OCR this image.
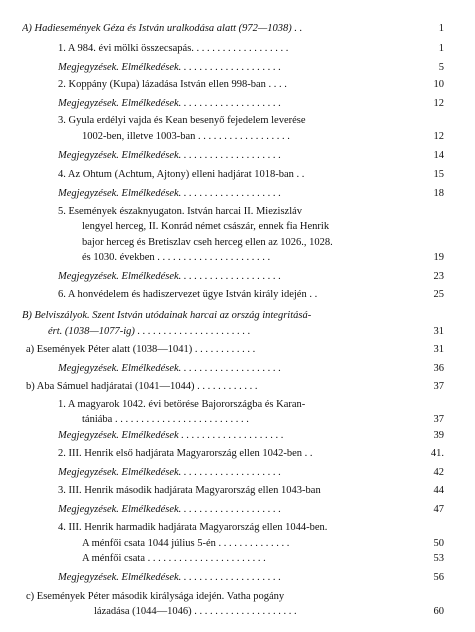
A) Hadiesemények Géza és István uralkodása alatt (972—1038) . .	1
1. A 984. évi mölki összecsapás. . . . . . . . . . . . . . . . . . .	1
Megjegyzések. Elmélkedések. . . . . . . . . . . . . . . . . . . .	5
2. Koppány (Kupa) lázadása István ellen 998-ban . . . .	10
Megjegyzések. Elmélkedések. . . . . . . . . . . . . . . . . . . .	12
3. Gyula erdélyi vajda és Kean besenyő fejedelem leverése
1002-ben, illetve 1003-ban . . . . . . . . . . . . . . . . . .	12
Megjegyzések. Elmélkedések. . . . . . . . . . . . . . . . . . . .	14
4. Az Ohtum (Achtum, Ajtony) elleni hadjárat 1018-ban . .	15
Megjegyzések. Elmélkedések. . . . . . . . . . . . . . . . . . . .	18
5. Események északnyugaton. István harcai II. Mieziszláv
lengyel herceg, II. Konrád német császár, ennek fia Henrik
bajor herceg és Bretiszlav cseh herceg ellen az 1026., 1028.
és 1030. években . . . . . . . . . . . . . . . . . . . . . .	19
Megjegyzések. Elmélkedések. . . . . . . . . . . . . . . . . . . .	23
6. A honvédelem és hadiszervezet ügye István király idején . .	25
B) Belviszályok. Szent István utódainak harcai az ország integritásá-
ért. (1038—1077-ig) . . . . . . . . . . . . . . . . . . . . . .	31
a) Események Péter alatt (1038—1041) . . . . . . . . . . . .	31
Megjegyzések. Elmélkedések. . . . . . . . . . . . . . . . . . . .	36
b) Aba Sámuel hadjáratai (1041—1044) . . . . . . . . . . . .	37
1. A magyarok 1042. évi betörése Bajorországba és Karan-
tániába . . . . . . . . . . . . . . . . . . . . . . . . . .	37
Megjegyzések. Elmélkedések . . . . . . . . . . . . . . . . . . . .	39
2. III. Henrik első hadjárata Magyarország ellen 1042-ben . .	41.
Megjegyzések. Elmélkedések. . . . . . . . . . . . . . . . . . . .	42
3. III. Henrik második hadjárata Magyarország ellen 1043-ban	44
Megjegyzések. Elmélkedések. . . . . . . . . . . . . . . . . . . .	47
4. III. Henrik harmadik hadjárata Magyarország ellen 1044-ben.
A ménfői csata 1044 július 5-én . . . . . . . . . . . . . .	50
A ménfői csata . . . . . . . . . . . . . . . . . . . . . . .	53
Megjegyzések. Elmélkedések. . . . . . . . . . . . . . . . . . . .	56
c) Események Péter második királysága idején. Vatha pogány
lázadása (1044—1046) . . . . . . . . . . . . . . . . . . . .	60
